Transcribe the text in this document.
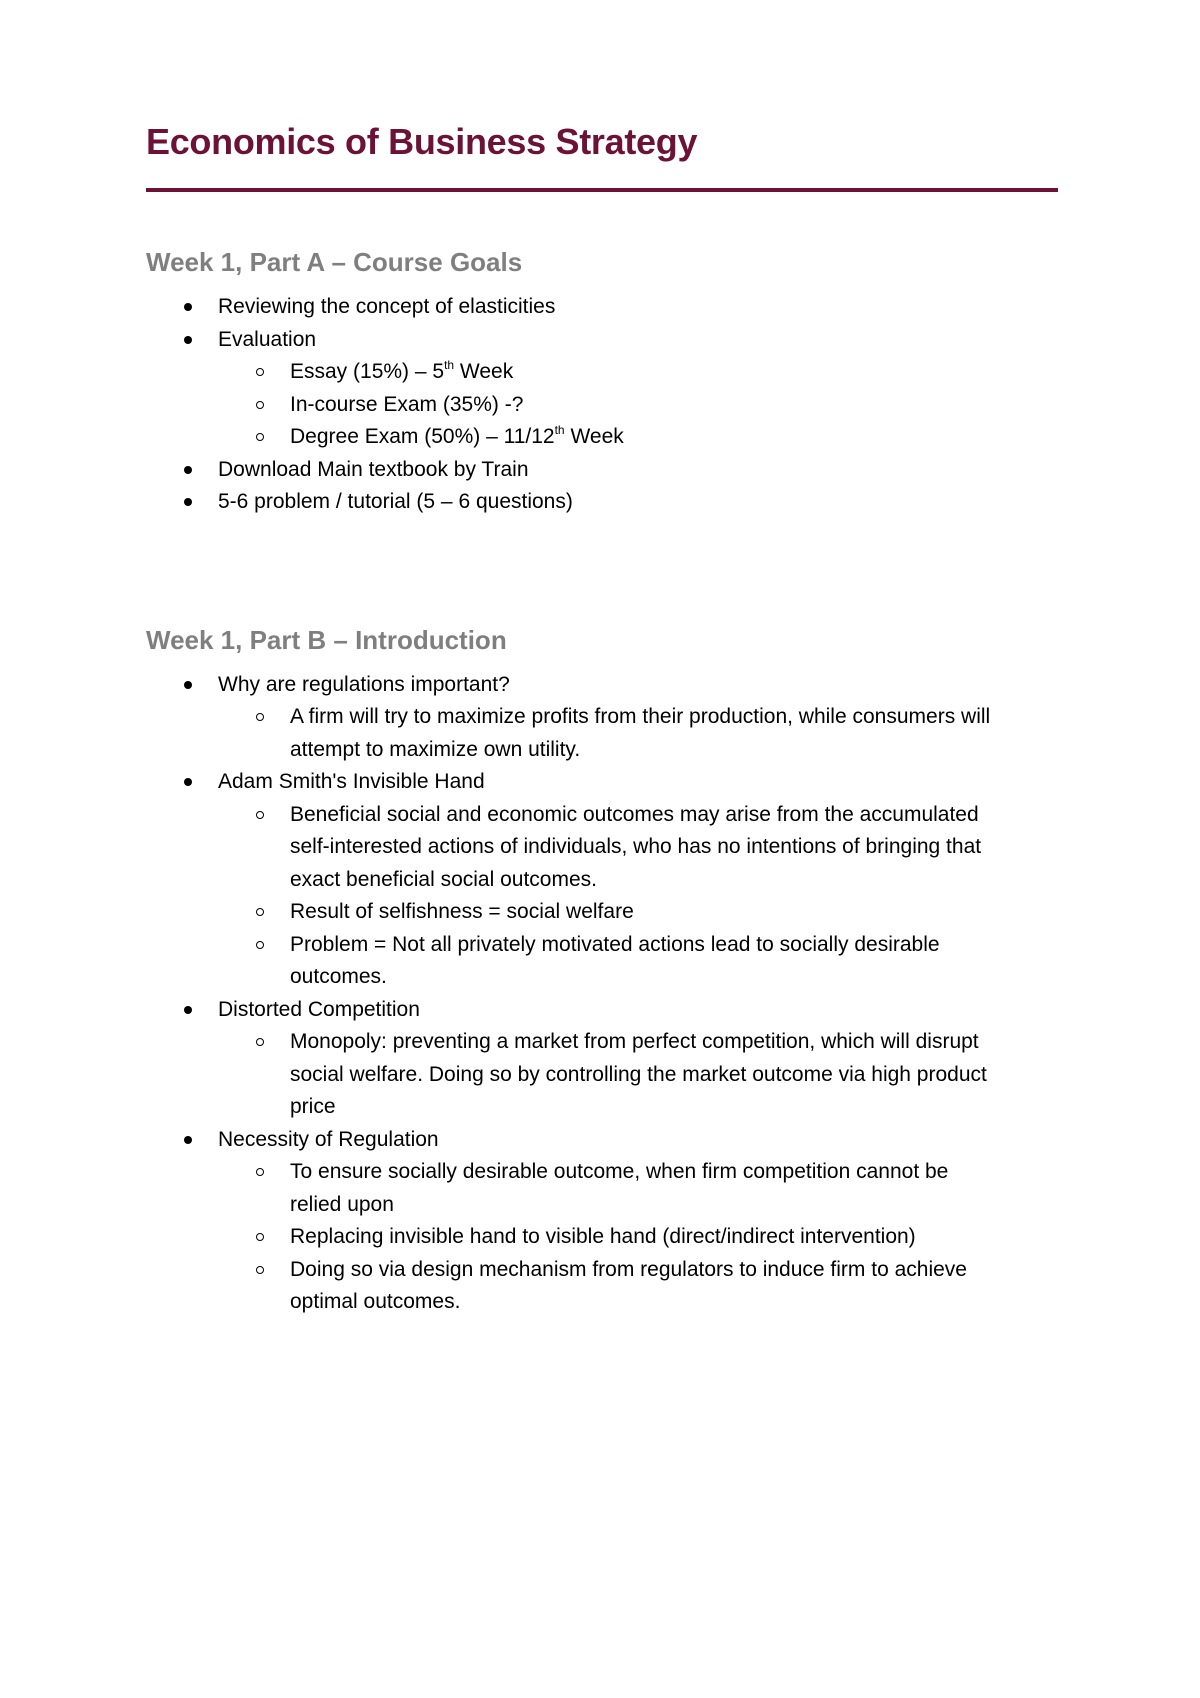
Economics of Business Strategy
Week 1, Part A – Course Goals
Reviewing the concept of elasticities
Evaluation
Essay (15%) – 5th Week
In-course Exam (35%) -?
Degree Exam (50%) – 11/12th Week
Download Main textbook by Train
5-6 problem / tutorial (5 – 6 questions)
Week 1, Part B – Introduction
Why are regulations important?
A firm will try to maximize profits from their production, while consumers will attempt to maximize own utility.
Adam Smith's Invisible Hand
Beneficial social and economic outcomes may arise from the accumulated self-interested actions of individuals, who has no intentions of bringing that exact beneficial social outcomes.
Result of selfishness = social welfare
Problem = Not all privately motivated actions lead to socially desirable outcomes.
Distorted Competition
Monopoly: preventing a market from perfect competition, which will disrupt social welfare. Doing so by controlling the market outcome via high product price
Necessity of Regulation
To ensure socially desirable outcome, when firm competition cannot be relied upon
Replacing invisible hand to visible hand (direct/indirect intervention)
Doing so via design mechanism from regulators to induce firm to achieve optimal outcomes.
